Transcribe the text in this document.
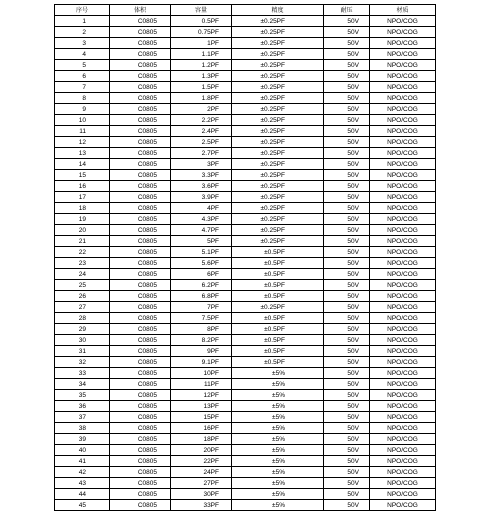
序号	体积	容量	精度	耐压	材质
1	C0805	0.5PF	±0.25PF	50V	NPO/COG
2	C0805	0.75PF	±0.25PF	50V	NPO/COG
3	C0805	1PF	±0.25PF	50V	NPO/COG
4	C0805	1.1PF	±0.25PF	50V	NPO/COG
5	C0805	1.2PF	±0.25PF	50V	NPO/COG
6	C0805	1.3PF	±0.25PF	50V	NPO/COG
7	C0805	1.5PF	±0.25PF	50V	NPO/COG
8	C0805	1.8PF	±0.25PF	50V	NPO/COG
9	C0805	2PF	±0.25PF	50V	NPO/COG
10	C0805	2.2PF	±0.25PF	50V	NPO/COG
11	C0805	2.4PF	±0.25PF	50V	NPO/COG
12	C0805	2.5PF	±0.25PF	50V	NPO/COG
13	C0805	2.7PF	±0.25PF	50V	NPO/COG
14	C0805	3PF	±0.25PF	50V	NPO/COG
15	C0805	3.3PF	±0.25PF	50V	NPO/COG
16	C0805	3.6PF	±0.25PF	50V	NPO/COG
17	C0805	3.9PF	±0.25PF	50V	NPO/COG
18	C0805	4PF	±0.25PF	50V	NPO/COG
19	C0805	4.3PF	±0.25PF	50V	NPO/COG
20	C0805	4.7PF	±0.25PF	50V	NPO/COG
21	C0805	5PF	±0.25PF	50V	NPO/COG
22	C0805	5.1PF	±0.5PF	50V	NPO/COG
23	C0805	5.6PF	±0.5PF	50V	NPO/COG
24	C0805	6PF	±0.5PF	50V	NPO/COG
25	C0805	6.2PF	±0.5PF	50V	NPO/COG
26	C0805	6.8PF	±0.5PF	50V	NPO/COG
27	C0805	7PF	±0.25PF	50V	NPO/COG
28	C0805	7.5PF	±0.5PF	50V	NPO/COG
29	C0805	8PF	±0.5PF	50V	NPO/COG
30	C0805	8.2PF	±0.5PF	50V	NPO/COG
31	C0805	9PF	±0.5PF	50V	NPO/COG
32	C0805	9.1PF	±0.5PF	50V	NPO/COG
33	C0805	10PF	±5%	50V	NPO/COG
34	C0805	11PF	±5%	50V	NPO/COG
35	C0805	12PF	±5%	50V	NPO/COG
36	C0805	13PF	±5%	50V	NPO/COG
37	C0805	15PF	±5%	50V	NPO/COG
38	C0805	16PF	±5%	50V	NPO/COG
39	C0805	18PF	±5%	50V	NPO/COG
40	C0805	20PF	±5%	50V	NPO/COG
41	C0805	22PF	±5%	50V	NPO/COG
42	C0805	24PF	±5%	50V	NPO/COG
43	C0805	27PF	±5%	50V	NPO/COG
44	C0805	30PF	±5%	50V	NPO/COG
45	C0805	33PF	±5%	50V	NPO/COG
